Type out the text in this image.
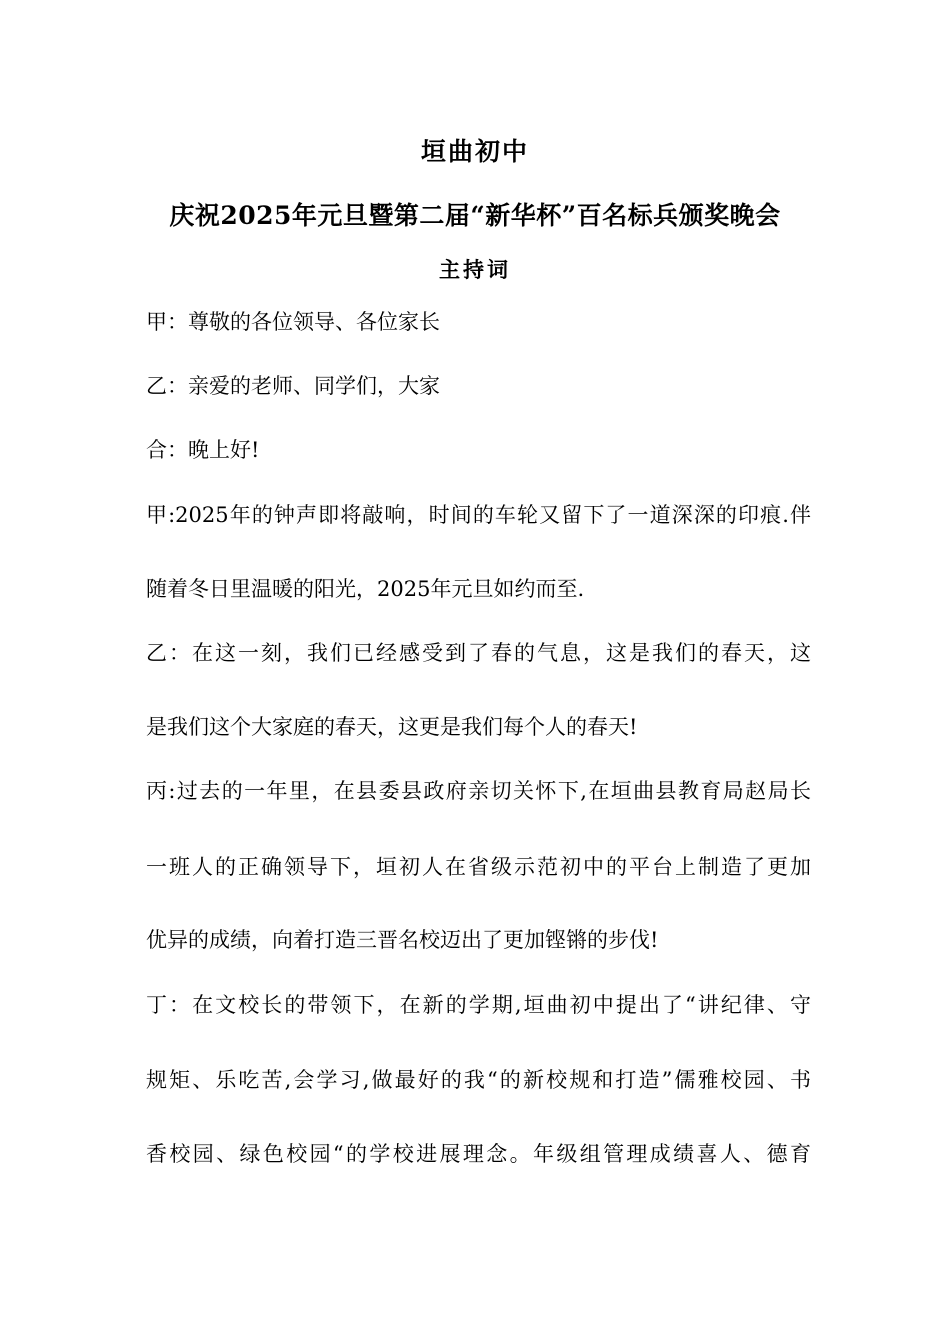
垣曲初中
庆祝2025年元旦暨第二届“新华杯”百名标兵颁奖晚会
主持词
甲：尊敬的各位领导、各位家长
乙：亲爱的老师、同学们，大家
合：晚上好!
甲:2025年的钟声即将敲响，时间的车轮又留下了一道深深的印痕.伴
随着冬日里温暖的阳光，2025年元旦如约而至.
乙：在这一刻，我们已经感受到了春的气息，这是我们的春天，这
是我们这个大家庭的春天，这更是我们每个人的春天!
丙:过去的一年里，在县委县政府亲切关怀下,在垣曲县教育局赵局长
一班人的正确领导下，垣初人在省级示范初中的平台上制造了更加
优异的成绩，向着打造三晋名校迈出了更加铿锵的步伐!
丁：在文校长的带领下，在新的学期,垣曲初中提出了“讲纪律、守
规矩、乐吃苦,会学习,做最好的我“的新校规和打造”儒雅校园、书
香校园、绿色校园“的学校进展理念。年级组管理成绩喜人、德育
